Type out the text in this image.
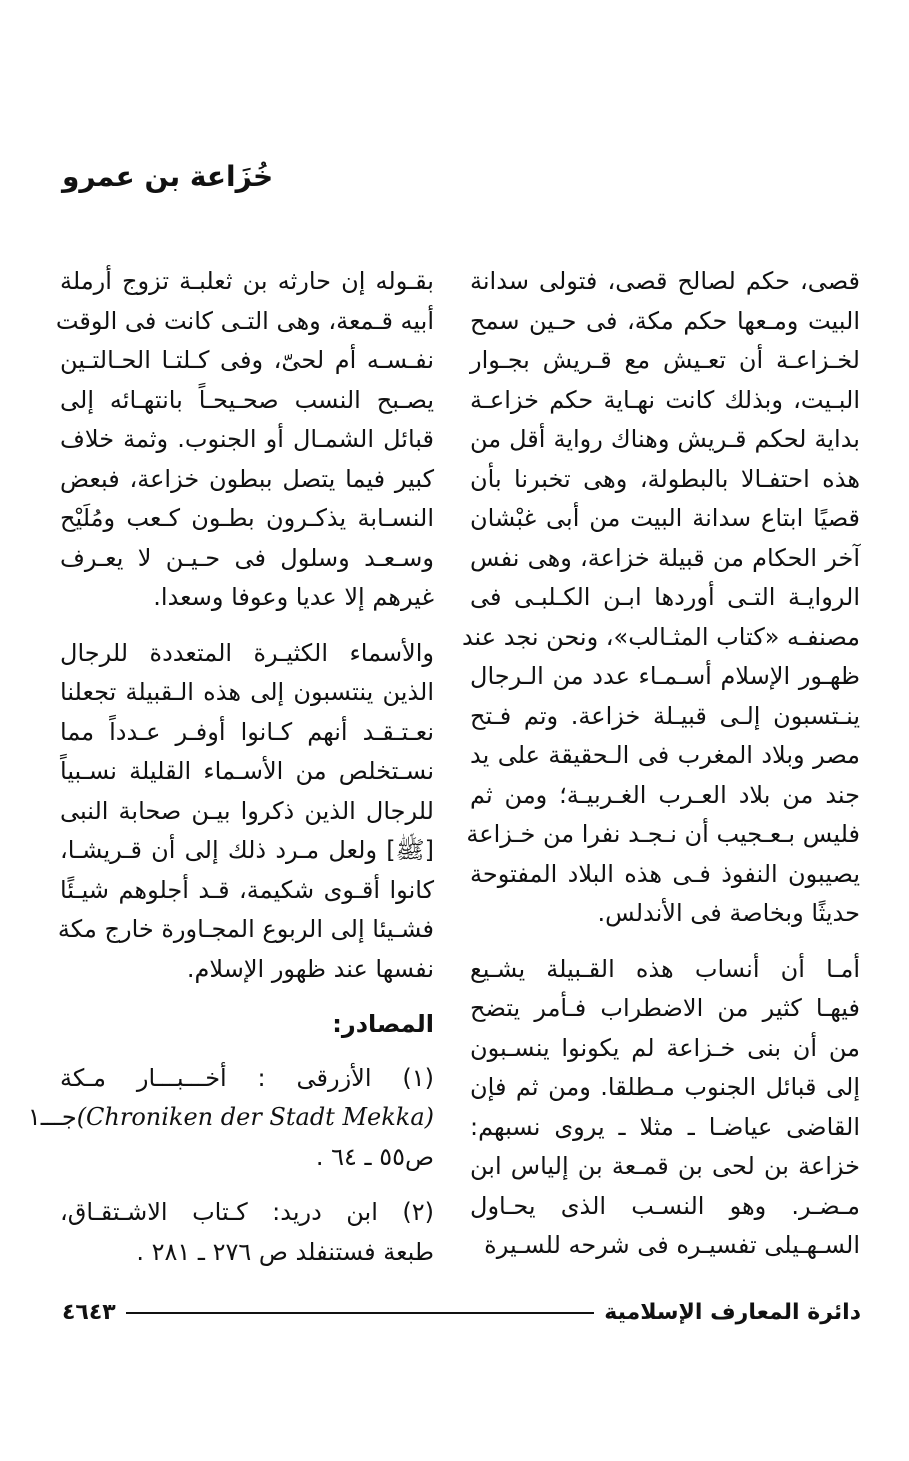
خُزَاعة بن عمرو
قصى، حكم لصالح قصى، فتولى سدانة
البيت ومـعها حكم مكة، فى حـين سمح
لخـزاعـة أن تعـيش مع قـريش بجـوار
البـيت، وبذلك كانت نهـاية حكم خزاعـة
بداية لحكم قـريش وهناك رواية أقل من
هذه احتفـالا بالبطولة، وهى تخبرنا بأن
قصيًا ابتاع سدانة البيت من أبى غبْشان
آخر الحكام من قبيلة خزاعة، وهى نفس
الروايـة التـى أوردها ابـن الكـلبـى فى
مصنفـه «كتاب المثـالب»، ونحن نجد عند
ظهـور الإسلام أسـمـاء عدد من الـرجال
ينـتسبون إلـى قبيـلة خزاعة. وتم فـتح
مصر وبلاد المغرب فى الـحقيقة على يد
جند من بلاد العـرب الغـربيـة؛ ومن ثم
فليس بـعـجيب أن نـجـد نفرا من خـزاعة
يصيبون النفوذ فـى هذه البلاد المفتوحة
حديثًا وبخاصة فى الأندلس.
أمـا أن أنساب هذه القـبيلة يشـيع
فيهـا كثير من الاضطراب فـأمر يتضح
من أن بنى خـزاعة لم يكونوا ينسـبون
إلى قبائل الجنوب مـطلقا. ومن ثم فإن
القاضى عياضـا ـ مثلا ـ يروى نسبهم:
خزاعة بن لحى بن قمـعة بن إلياس ابن
مـضـر. وهو النسـب الذى يحـاول
السـهـيلى تفسيـره فى شرحه للسـيرة
بقـوله إن حارثه بن ثعلبـة تزوج أرملة
أبيه قـمعة، وهى التـى كانت فى الوقت
نفـسـه أم لحىّ، وفى كـلتـا الحـالتـين
يصـبح النسب صحـيحـاً بانتهـائه إلى
قبائل الشمـال أو الجنوب. وثمة خلاف
كبير فيما يتصل ببطون خزاعة، فبعض
النسـابة يذكـرون بطـون كـعب ومُلَيْح
وسـعـد وسلول فى حـيـن لا يعـرف
غيرهم إلا عديا وعوفا وسعدا.
والأسماء الكثيـرة المتعددة للرجال
الذين ينتسبون إلى هذه الـقبيلة تجعلنا
نعـتـقـد أنهم كـانوا أوفـر عـدداً مما
نسـتخلص من الأسـماء القليلة نسـبياً
للرجال الذين ذكروا بيـن صحابة النبى
[ﷺ] ولعل مـرد ذلك إلى أن قـريشـا،
كانوا أقـوى شكيمة، قـد أجلوهم شيـئًا
فشـيئا إلى الربوع المجـاورة خارج مكة
نفسها عند ظهور الإسلام.
المصادر:
(١) الأزرقى : أخـــبـــار مـكة
(Chroniken der Stadt Mekka)جـــ١
ص٥٥ ـ ٦٤ .
(٢) ابن دريد: كـتاب الاشـتقـاق،
طبعة فستنفلد ص ٢٧٦ ـ ٢٨١ .
دائرة المعارف الإسلامية
٤٦٤٣
